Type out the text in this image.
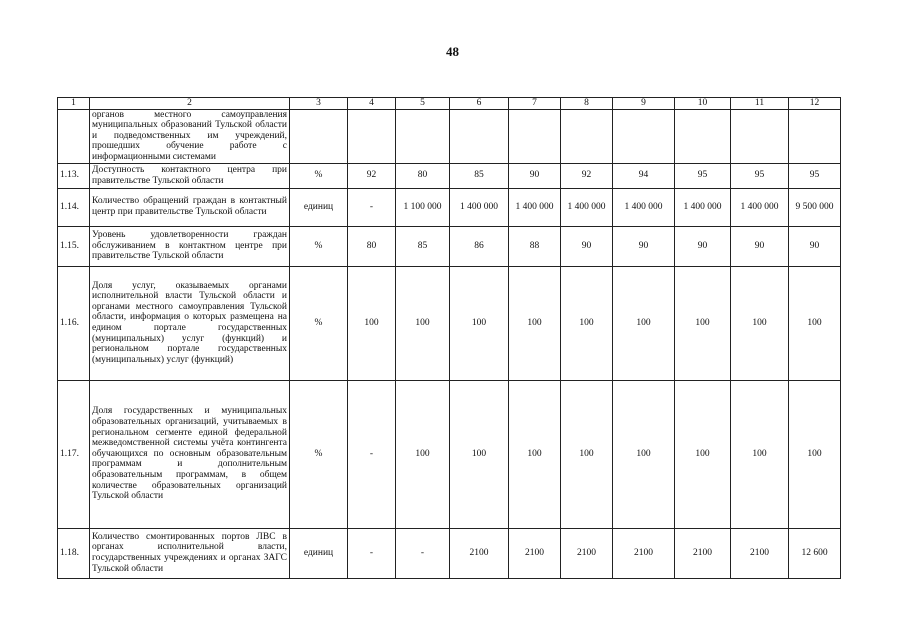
48
1	2	3	4	5	6	7	8	9	10	11	12
	органов местного самоуправления муниципальных образований Тульской области и подведомственных им учреждений, прошедших обучение работе с информационными системами										
1.13.	Доступность контактного центра при правительстве Тульской области	%	92	80	85	90	92	94	95	95	95
1.14.	Количество обращений граждан в контактный центр при правительстве Тульской области	единиц	-	1 100 000	1 400 000	1 400 000	1 400 000	1 400 000	1 400 000	1 400 000	9 500 000
1.15.	Уровень удовлетворенности граждан обслуживанием в контактном центре при правительстве Тульской области	%	80	85	86	88	90	90	90	90	90
1.16.	Доля услуг, оказываемых органами исполнительной власти Тульской области и органами местного самоуправления Тульской области, информация о которых размещена на едином портале государственных (муниципальных) услуг (функций) и региональном портале государственных (муниципальных) услуг (функций)	%	100	100	100	100	100	100	100	100	100
1.17.	Доля государственных и муниципальных образовательных организаций, учитываемых в региональном сегменте единой федеральной межведомственной системы учёта контингента обучающихся по основным образовательным программам и дополнительным образовательным программам, в общем количестве образовательных организаций Тульской области	%	-	100	100	100	100	100	100	100	100
1.18.	Количество смонтированных портов ЛВС в органах исполнительной власти, государственных учреждениях и органах ЗАГС Тульской области	единиц	-	-	2100	2100	2100	2100	2100	2100	12 600
